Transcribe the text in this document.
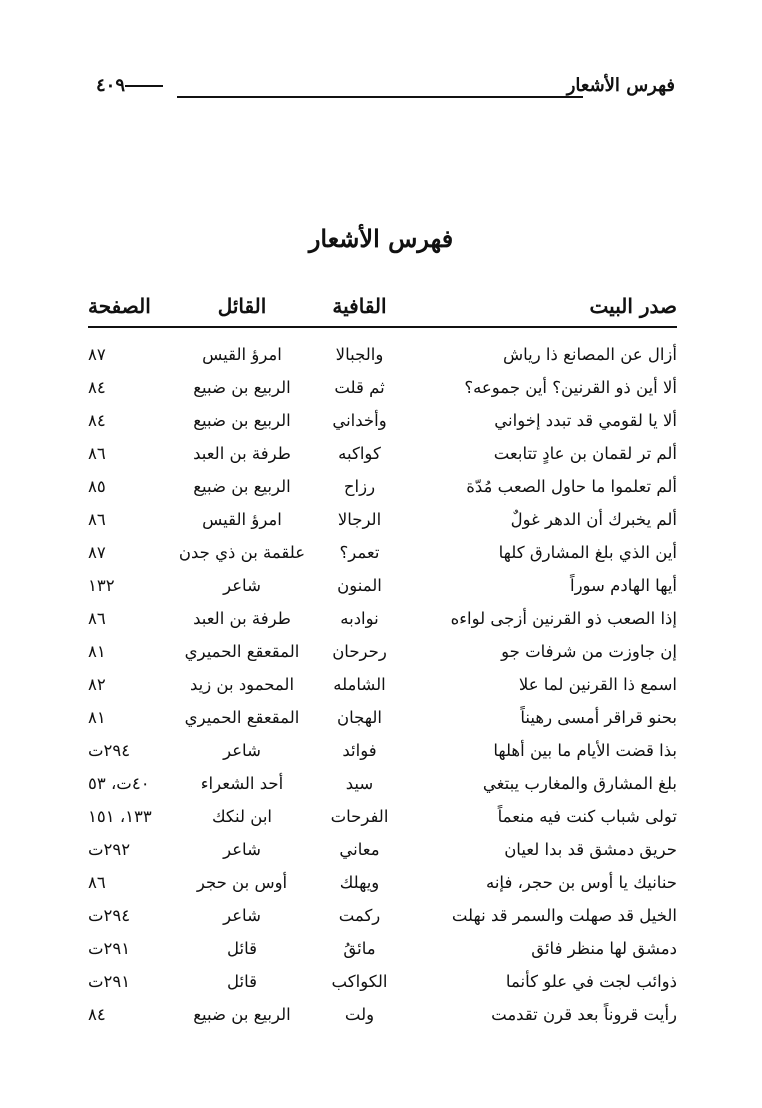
فهرس الأشعار
٤٠٩
فهرس الأشعار
صدر البيت	القافية	القائل	الصفحة
أزال عن المصانع ذا رياش	والجبالا	امرؤ القيس	٨٧
ألا أين ذو القرنين؟ أين جموعه؟	ثم قلت	الربيع بن ضبيع	٨٤
ألا يا لقومي قد تبدد إخواني	وأخداني	الربيع بن ضبيع	٨٤
ألم تر لقمان بن عادٍ تتابعت	كواكبه	طرفة بن العبد	٨٦
ألم تعلموا ما حاول الصعب مُدّة	رزاح	الربيع بن ضبيع	٨٥
ألم يخبرك أن الدهر غولٌ	الرجالا	امرؤ القيس	٨٦
أين الذي بلغ المشارق كلها	تعمر؟	علقمة بن ذي جدن	٨٧
أيها الهادم سوراً	المنون	شاعر	١٣٢
إذا الصعب ذو القرنين أزجى لواءه	نوادبه	طرفة بن العبد	٨٦
إن جاوزت من شرفات جو	رحرحان	المقعقع الحميري	٨١
اسمع ذا القرنين لما علا	الشامله	المحمود بن زيد	٨٢
بحنو قراقر أمسى رهيناً	الهجان	المقعقع الحميري	٨١
بذا قضت الأيام ما بين أهلها	فوائد	شاعر	٢٩٤ت
بلغ المشارق والمغارب يبتغي	سيد	أحد الشعراء	٤٠ت، ٥٣
تولى شباب كنت فيه منعماً	الفرحات	ابن لنكك	١٣٣، ١٥١
حريق دمشق قد بدا لعيان	معاني	شاعر	٢٩٢ت
حنانيك يا أوس بن حجر، فإنه	ويهلك	أوس بن حجر	٨٦
الخيل قد صهلت والسمر قد نهلت	ركمت	شاعر	٢٩٤ت
دمشق لها منظر فائق	مائقُ	قائل	٢٩١ت
ذوائب لجت في علو كأنما	الكواكب	قائل	٢٩١ت
رأيت قروناً بعد قرن تقدمت	ولت	الربيع بن ضبيع	٨٤
